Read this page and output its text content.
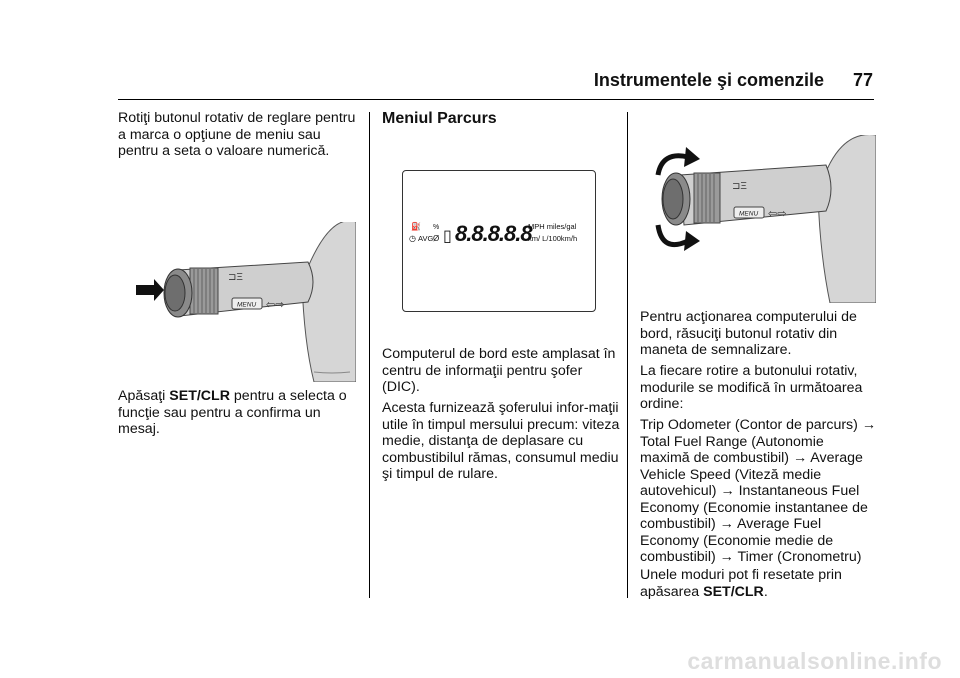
Instrumentele şi comenzile 77

Rotiţi butonul rotativ de reglare pentru a marca o opţiune de meniu sau pentru a seta o valoare numerică.

MENU ⇦⇨
⊐Ξ

Apăsaţi SET/CLR pentru a selecta o funcţie sau pentru a confirma un mesaj.

Meniul Parcurs
⛽ %
◷ AVG Ø ▯ 8.8.8.8.8
MPH miles/gal
km/ L/100km/h

Computerul de bord este amplasat în centru de informaţii pentru şofer (DIC).

Acesta furnizează şoferului infor-maţii utile în timpul mersului precum: viteza medie, distanţa de deplasare cu combustibilul rămas, consumul mediu şi timpul de rulare.

MENU ⇦⇨
⊐Ξ

Pentru acţionarea computerului de bord, răsuciţi butonul rotativ din maneta de semnalizare.

La fiecare rotire a butonului rotativ, modurile se modifică în următoarea ordine:

Trip Odometer (Contor de parcurs) → Total Fuel Range (Autonomie maximă de combustibil) → Average Vehicle Speed (Viteză medie autovehicul) → Instantaneous Fuel Economy (Economie instantanee de combustibil) → Average Fuel Economy (Economie medie de combustibil) → Timer (Cronometru)

Unele moduri pot fi resetate prin apăsarea SET/CLR.

carmanualsonline.info
